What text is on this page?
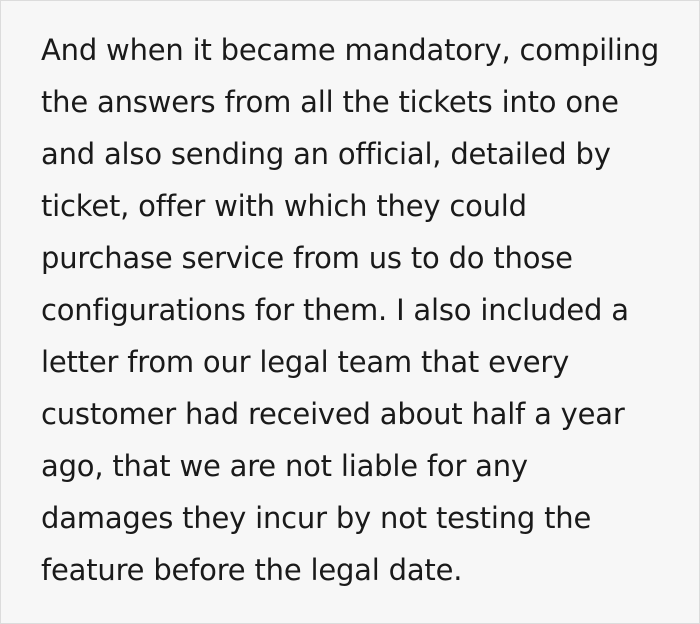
And when it became mandatory, compiling
the answers from all the tickets into one
and also sending an official, detailed by
ticket, offer with which they could
purchase service from us to do those
configurations for them. I also included a
letter from our legal team that every
customer had received about half a year
ago, that we are not liable for any
damages they incur by not testing the
feature before the legal date.
